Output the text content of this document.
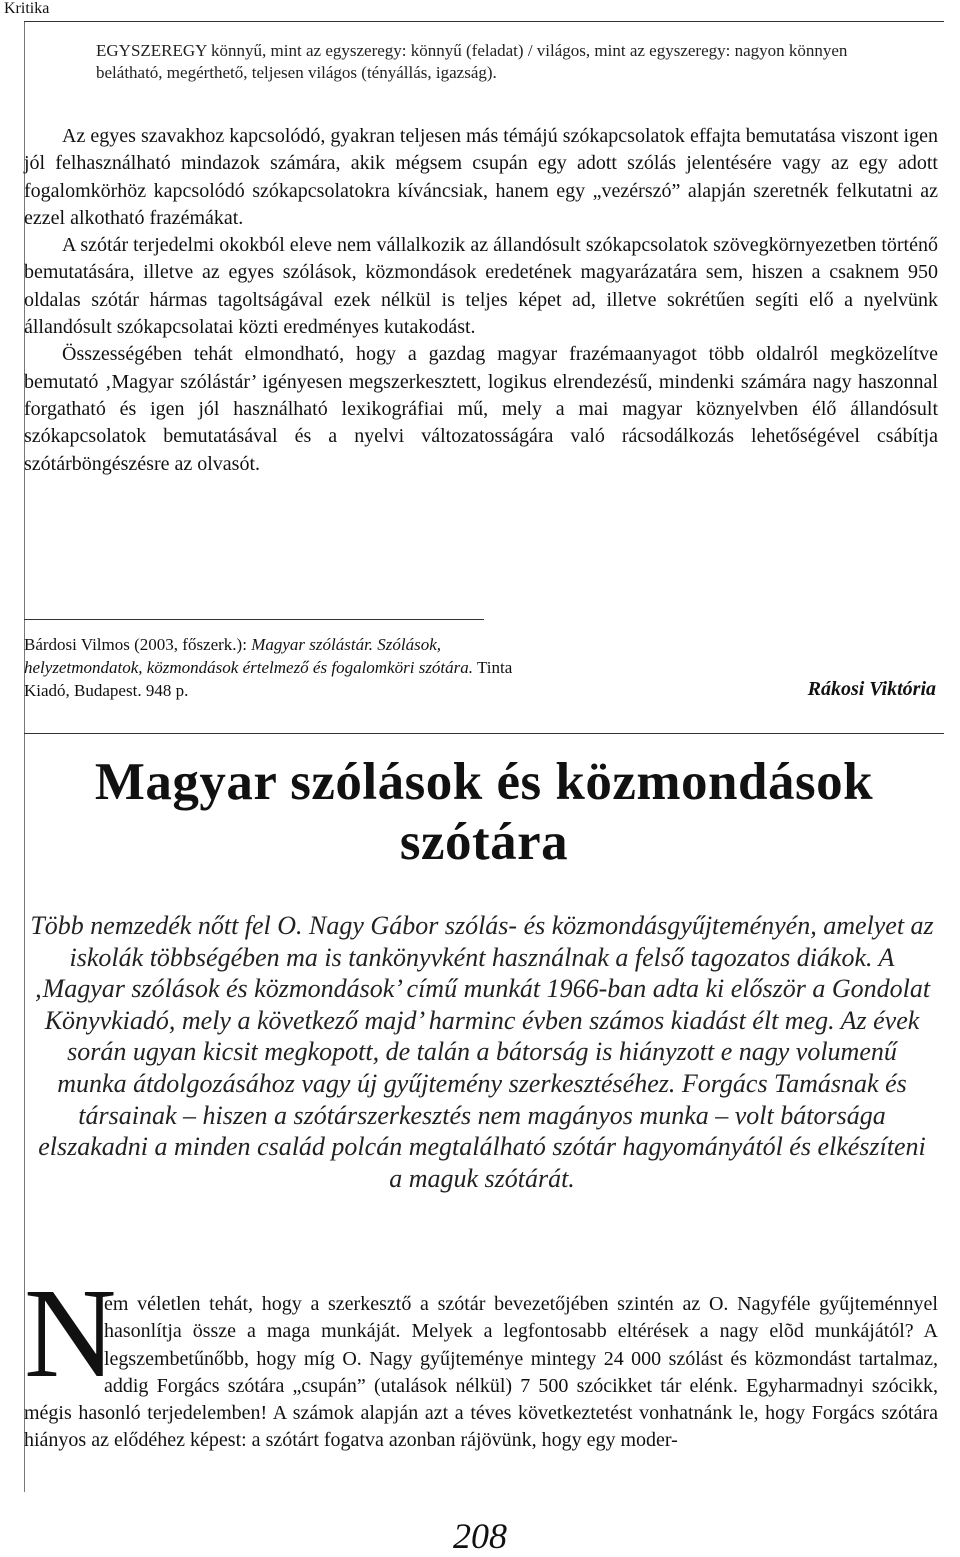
Kritika
EGYSZEREGY könnyű, mint az egyszeregy: könnyű (feladat) / világos, mint az egyszeregy: nagyon könnyen belátható, megérthető, teljesen világos (tényállás, igazság).

Az egyes szavakhoz kapcsolódó, gyakran teljesen más témájú szókapcsolatok effajta bemutatása viszont igen jól felhasználható mindazok számára, akik mégsem csupán egy adott szólás jelentésére vagy az egy adott fogalomkörhöz kapcsolódó szókapcsolatokra kíváncsiak, hanem egy „vezérszó” alapján szeretnék felkutatni az ezzel alkotható frazémákat.

A szótár terjedelmi okokból eleve nem vállalkozik az állandósult szókapcsolatok szövegkörnyezetben történő bemutatására, illetve az egyes szólások, közmondások eredetének magyarázatára sem, hiszen a csaknem 950 oldalas szótár hármas tagoltságával ezek nélkül is teljes képet ad, illetve sokrétűen segíti elő a nyelvünk állandósult szókapcsolatai közti eredményes kutakodást.

Összességében tehát elmondható, hogy a gazdag magyar frazémaanyagot több oldalról megközelítve bemutató ‚Magyar szólástár’ igényesen megszerkesztett, logikus elrendezésű, mindenki számára nagy haszonnal forgatható és igen jól használható lexikográfiai mű, mely a mai magyar köznyelvben élő állandósult szókapcsolatok bemutatásával és a nyelvi változatosságára való rácsodálkozás lehetőségével csábítja szótárböngészésre az olvasót.

Bárdosi Vilmos (2003, főszerk.): Magyar szólástár. Szólások, helyzetmondatok, közmondások értelmező és fogalomköri szótára. Tinta Kiadó, Budapest. 948 p.	Rákosi Viktória
Magyar szólások és közmondások
szótára
Több nemzedék nőtt fel O. Nagy Gábor szólás- és közmondásgyűjteményén, amelyet az iskolák többségében ma is tankönyvként használnak a felső tagozatos diákok. A ‚Magyar szólások és közmondások’ című munkát 1966-ban adta ki először a Gondolat Könyvkiadó, mely a következő majd’ harminc évben számos kiadást élt meg. Az évek során ugyan kicsit megkopott, de talán a bátorság is hiányzott e nagy volumenű munka átdolgozásához vagy új gyűjtemény szerkesztéséhez. Forgács Tamásnak és társainak – hiszen a szótárszerkesztés nem magányos munka – volt bátorsága elszakadni a minden család polcán megtalálható szótár hagyományától és elkészíteni a maguk szótárát.
N
em véletlen tehát, hogy a szerkesztő a szótár bevezetőjében szintén az O. Nagyféle gyűjteménnyel hasonlítja össze a maga munkáját. Melyek a legfontosabb eltérések a nagy elõd munkájától? A legszembetűnőbb, hogy míg O. Nagy gyűjteménye mintegy 24 000 szólást és közmondást tartalmaz, addig Forgács szótára „csupán” (utalások nélkül) 7 500 szócikket tár elénk. Egyharmadnyi szócikk, mégis hasonló terjedelemben! A számok alapján azt a téves következtetést vonhatnánk le, hogy Forgács szótára hiányos az elődéhez képest: a szótárt fogatva azonban rájövünk, hogy egy moder-
208
